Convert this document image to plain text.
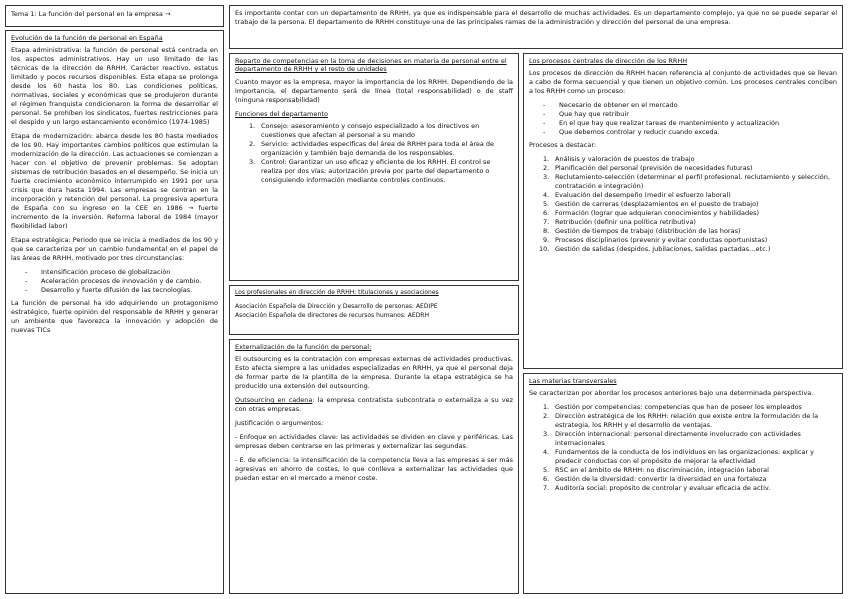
Tema 1: La función del personal en la empresa →	Es importante contar con un departamento de RRHH, ya que es indispensable para el desarrollo de muchas actividades. Es un departamento complejo, ya que no se puede separar el trabajo de la persona. El departamento de RRHH constituye una de las principales ramas de la administración y dirección del personal de una empresa.

Evolución de la función de personal en España

Etapa administrativa: la función de personal está centrada en los aspectos administrativos. Hay un uso limitado de las técnicas de la dirección de RRHH. Carácter reactivo, estatus limitado y pocos recursos disponibles. Esta etapa se prolonga desde los 60 hasta los 80. Las condiciones políticas, normativas, sociales y económicas que se produjeron durante el régimen franquista condicionaron la forma de desarrollar el personal. Se prohíben los sindicatos, fuertes restricciones para el despido y un largo estancamiento económico (1974-1985)

Etapa de modernización: abarca desde los 80 hasta mediados de los 90. Hay importantes cambios políticos que estimulan la modernización de la dirección. Las actuaciones se comienzan a hacer con el objetivo de prevenir problemas. Se adoptan sistemas de retribución basados en el desempeño. Se inicia un fuerte crecimiento económico interrumpido en 1991 por una crisis que dura hasta 1994. Las empresas se centran en la incorporación y retención del personal. La progresiva apertura de España con su ingreso en la CEE en 1986 → fuerte incremento de la inversión. Reforma laboral de 1984 (mayor flexibilidad labor)

Etapa estratégica: Periodo que se inicia a mediados de los 90 y que se caracteriza por un cambio fundamental en el papel de las áreas de RRHH, motivado por tres circunstancias:

- Intensificación proceso de globalización
- Aceleración procesos de innovación y de cambio.
- Desarrollo y fuerte difusión de las tecnologías.

La función de personal ha ido adquiriendo un protagonismo estratégico, fuerte opinión del responsable de RRHH y generar un ambiente que favorezca la innovación y adopción de nuevas TICs

Reparto de competencias en la toma de decisiones en materia de personal entre el departamento de RRHH y el resto de unidades

Cuanto mayor es la empresa, mayor la importancia de los RRHH. Dependiendo de la importancia, el departamento será de línea (total responsabilidad) o de staff (ninguna responsabilidad)

Funciones del departamento

1. Consejo: asesoramiento y consejo especializado a los directivos en cuestiones que afectan al personal a su mando
2. Servicio: actividades específicas del área de RRHH para toda el área de organización y también bajo demanda de los responsables.
3. Control: Garantizar un uso eficaz y eficiente de los RRHH. El control se realiza por dos vías: autorización previa por parte del departamento o consiguiendo información mediante controles continuos.

Los profesionales en dirección de RRHH: titulaciones y asociaciones

Asociación Española de Dirección y Desarrollo de personas: AEDIPE

Asociación Española de directores de recursos humanos: AEDRH

Externalización de la función de personal:

El outsourcing es la contratación con empresas externas de actividades productivas. Esto afecta siempre a las unidades especializadas en RRHH, ya que el personal deja de formar parte de la plantilla de la empresa. Durante la etapa estratégica se ha producido una extensión del outsourcing.

Outsourcing en cadena: la empresa contratista subcontrata o externaliza a su vez con otras empresas.

Justificación o argumentos:

- Enfoque en actividades clave: las actividades se dividen en clave y periféricas. Las empresas deben centrarse en las primeras y externalizar las segundas.

- E. de eficiencia: la intensificación de la competencia lleva a las empresas a ser más agresivas en ahorro de costes, lo que conlleva a externalizar las actividades que puedan estar en el mercado a menor coste.

Los procesos centrales de dirección de los RRHH

Los procesos de dirección de RRHH hacen referencia al conjunto de actividades que se llevan a cabo de forma secuencial y que tienen un objetivo común. Los procesos centrales conciben a los RRHH como un proceso:

- Necesario de obtener en el mercado
- Que hay que retribuir
- En el que hay que realizar tareas de mantenimiento y actualización
- Que debemos controlar y reducir cuando exceda.

Procesos a destacar:

1. Análisis y valoración de puestos de trabajo
2. Planificación del personal (previsión de necesidades futuras)
3. Reclutamiento-selección (determinar el perfil profesional, reclutamiento y selección, contratación e integración)
4. Evaluación del desempeño (medir el esfuerzo laboral)
5. Gestión de carreras (desplazamientos en el puesto de trabajo)
6. Formación (lograr que adquieran conocimientos y habilidades)
7. Retribución (definir una política retributiva)
8. Gestión de tiempos de trabajo (distribución de las horas)
9. Procesos disciplinarios (prevenir y evitar conductas oportunistas)
10. Gestión de salidas (despidos, jubilaciones, salidas pactadas…etc.)

Las materias transversales

Se caracterizan por abordar los procesos anteriores bajo una determinada perspectiva.

1. Gestión por competencias: competencias que han de poseer los empleados
2. Dirección estratégica de los RRHH: relación que existe entre la formulación de la estrategia, los RRHH y el desarrollo de ventajas.
3. Dirección internacional: personal directamente involucrado con actividades internacionales
4. Fundamentos de la conducta de los individuos en las organizaciones: explicar y predecir conductas con el propósito de mejorar la efectividad
5. RSC en el ámbito de RRHH: no discriminación, integración laboral
6. Gestión de la diversidad: convertir la diversidad en una fortaleza
7. Auditoría social: propósito de controlar y evaluar eficacia de activ.
